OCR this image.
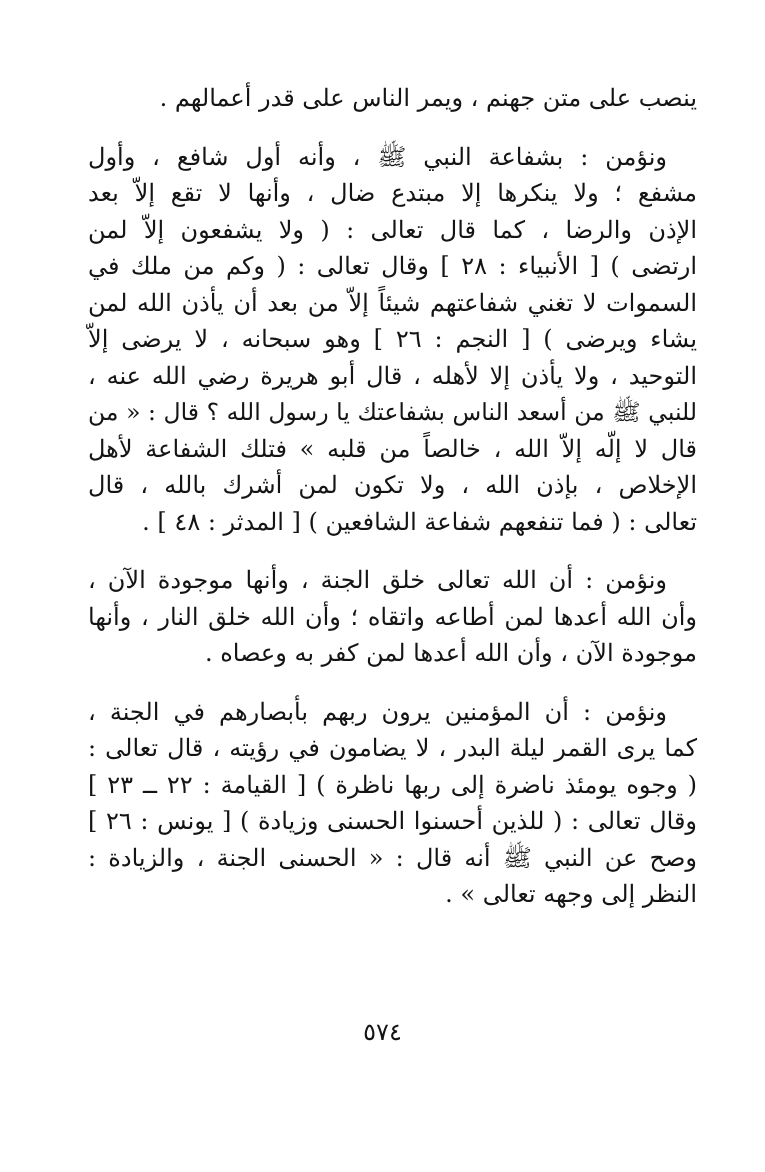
ينصب على متن جهنم ، ويمر الناس على قدر أعمالهم .
ونؤمن : بشفاعة النبي ﷺ ، وأنه أول شافع ، وأول
مشفع ؛ ولا ينكرها إلا مبتدع ضال ، وأنها لا تقع إلاّ بعد
الإذن والرضا ، كما قال تعالى : ( ولا يشفعون إلاّ لمن
ارتضى ) [ الأنبياء : ٢٨ ] وقال تعالى : ( وكم من ملك في
السموات لا تغني شفاعتهم شيئاً إلاّ من بعد أن يأذن الله لمن
يشاء ويرضى ) [ النجم : ٢٦ ] وهو سبحانه ، لا يرضى إلاّ
التوحيد ، ولا يأذن إلا لأهله ، قال أبو هريرة رضي الله عنه ،
للنبي ﷺ من أسعد الناس بشفاعتك يا رسول الله ؟ قال : « من
قال لا إلّه إلاّ الله ، خالصاً من قلبه » فتلك الشفاعة لأهل
الإخلاص ، بإذن الله ، ولا تكون لمن أشرك بالله ، قال
تعالى : ( فما تنفعهم شفاعة الشافعين ) [ المدثر : ٤٨ ] .
ونؤمن : أن الله تعالى خلق الجنة ، وأنها موجودة الآن ،
وأن الله أعدها لمن أطاعه واتقاه ؛ وأن الله خلق النار ، وأنها
موجودة الآن ، وأن الله أعدها لمن كفر به وعصاه .
ونؤمن : أن المؤمنين يرون ربهم بأبصارهم في الجنة ،
كما يرى القمر ليلة البدر ، لا يضامون في رؤيته ، قال تعالى :
( وجوه يومئذ ناضرة إلى ربها ناظرة ) [ القيامة : ٢٢ ــ ٢٣ ]
وقال تعالى : ( للذين أحسنوا الحسنى وزيادة ) [ يونس : ٢٦ ]
وصح عن النبي ﷺ أنه قال : « الحسنى الجنة ، والزيادة :
النظر إلى وجهه تعالى » .
٥٧٤
